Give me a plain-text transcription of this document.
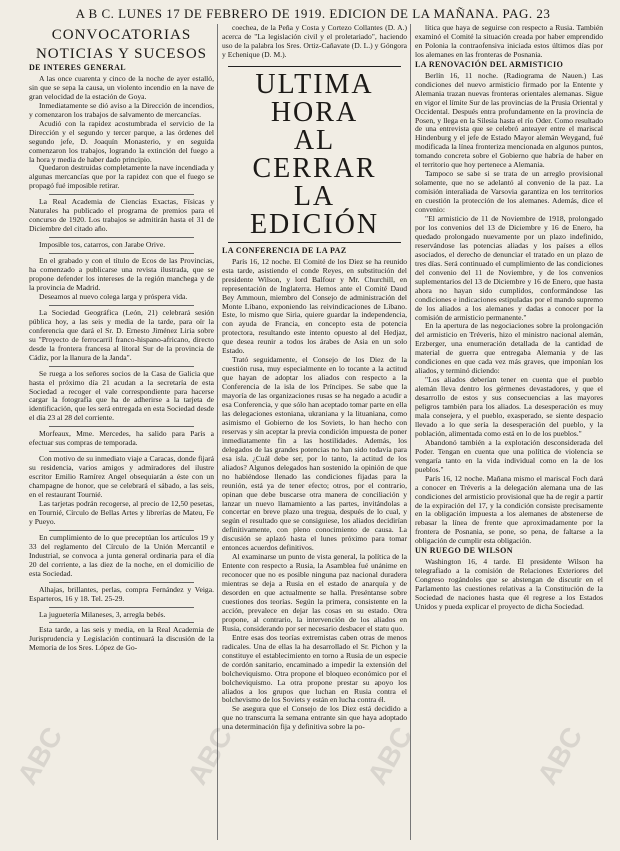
A B C. LUNES 17 DE FEBRERO DE 1919. EDICION DE LA MAÑANA. PAG. 23
CONVOCATORIAS
NOTICIAS Y SUCESOS
DE INTERES GENERAL

A las once cuarenta y cinco de la noche de ayer estalló, sin que se sepa la causa, un violento incendio en la nave de gran velocidad de la estación de Goya.

Inmediatamente se dió aviso a la Dirección de incendios, y comenzaron los trabajos de salvamento de mercancías.

Acudió con la rapidez acostumbrada el servicio de la Dirección y el segundo y tercer parque, a las órdenes del segundo jefe, D. Joaquín Monasterio, y en seguida comenzaron los trabajos, logrando la extinción del fuego a la hora y media de haber dado principio.

Quedaron destruidas completamente la nave incendiada y algunas mercancías que por la rapidez con que el fuego se propagó fué imposible retirar.

La Real Academia de Ciencias Exactas, Físicas y Naturales ha publicado el programa de premios para el concurso de 1920. Los trabajos se admitirán hasta el 31 de Diciembre del citado año.

Imposible tos, catarros, con Jarabe Orive.

En el grabado y con el título de Ecos de las Provincias, ha comenzado a publicarse una revista ilustrada, que se propone defender los intereses de la región manchega y de la provincia de Madrid.

Deseamos al nuevo colega larga y próspera vida.

La Sociedad Geográfica (León, 21) celebrará sesión pública hoy, a las seis y media de la tarde, para oír la conferencia que dará el Sr. D. Ernesto Jiménez Liria sobre su "Proyecto de ferrocarril franco-hispano-africano, directo desde la frontera francesa al litoral Sur de la provincia de Cádiz, por la llanura de la Janda".

Se ruega a los señores socios de la Casa de Galicia que hasta el próximo día 21 acudan a la secretaría de esta Sociedad a recoger el vale correspondiente para hacerse cargar la fotografía que ha de adherirse a la tarjeta de identificación, que les será entregada en esta Sociedad desde el día 23 al 28 del corriente.

Morfeaux, Mme. Mercedes, ha salido para París a efectuar sus compras de temporada.

Con motivo de su inmediato viaje a Caracas, donde fijará su residencia, varios amigos y admiradores del ilustre escritor Emilio Ramírez Angel obsequiarán a éste con un champagne de honor, que se celebrará el sábado, a las seis, en el restaurant Tournié.

Las tarjetas podrán recogerse, al precio de 12,50 pesetas, en Tournié, Círculo de Bellas Artes y librerías de Mateu, Fe y Pueyo.

En cumplimiento de lo que preceptúan los artículos 19 y 33 del reglamento del Círculo de la Unión Mercantil e Industrial, se convoca a junta general ordinaria para el día 20 del corriente, a las diez de la noche, en el domicilio de esta Sociedad.

Alhajas, brillantes, perlas, compra Fernández y Veiga. Esparteros, 16 y 18. Tel. 25-29.

La juguetería Milaneses, 3, arregla bebés.

Esta tarde, a las seis y media, en la Real Academia de Jurisprudencia y Legislación continuará la discusión de la Memoria de los Sres. López de Go-

coechea, de la Peña y Costa y Cortezo Collantes (D. A.) acerca de "La legislación civil y el proletariado", haciendo uso de la palabra los Sres. Ortiz-Cañavate (D. L.) y Góngora y Echenique (D. M.).

ULTIMA HORA
AL CERRAR
LA EDICIÓN
LA CONFERENCIA DE LA PAZ

París 16, 12 noche. El Comité de los Diez se ha reunido esta tarde, asistiendo el conde Reyes, en substitución del presidente Wilson, y lord Balfour y Mr. Churchill, en representación de Inglaterra. Hemos ante el Comité Daud Bey Ammoun, miembro del Consejo de administración del Monte Líbano, exponiendo las reivindicaciones de Líbano. Este, lo mismo que Siria, quiere guardar la independencia, con ayuda de Francia, en concepto esta de potencia protectora, resultando este intento opuesto al del Hedjaz, que desea reunir a todos los árabes de Asia en un solo Estado.

Trató seguidamente, el Consejo de los Diez de la cuestión rusa, muy especialmente en lo tocante a la actitud que hayan de adoptar los aliados con respecto a la Conferencia de la isla de los Príncipes. Se sabe que la mayoría de las organizaciones rusas se ha negado a acudir a esa Conferencia, y que sólo han aceptado tomar parte en ella las delegaciones estoniana, ukraniana y la lituaniana, como asimismo el Gobierno de los Soviets, lo han hecho con reservas y sin aceptar la previa condición impuesta de poner inmediatamente fin a las hostilidades. Además, los delegados de las grandes potencias no han sido todavía para esa isla. ¿Cuál debe ser, por lo tanto, la actitud de los aliados? Algunos delegados han sostenido la opinión de que no habiéndose llenado las condiciones fijadas para la reunión, está ya de tener efecto; otros, por el contrario, opinan que debe buscarse otra manera de conciliación y lanzar un nuevo llamamiento a las partes, invitándolas a concertar en breve plazo una tregua, después de lo cual, y según el resultado que se consiguiese, los aliados decidirían definitivamente, con pleno conocimiento de causa. La discusión se aplazó hasta el lunes próximo para tomar entonces acuerdos definitivos.

Al examinarse un punto de vista general, la política de la Entente con respecto a Rusia, la Asamblea fué unánime en reconocer que no es posible ninguna paz nacional duradera mientras se deja a Rusia en el estado de anarquía y de desorden en que actualmente se halla. Preséntanse sobre cuestiones dos teorías. Según la primera, consistente en la acción, prevalece en dejar las cosas en su estado. Otra propone, al contrario, la intervención de los aliados en Rusia, considerando por ser necesario desbacer el statu quo.

Entre esas dos teorías extremistas caben otras de menos radicales. Una de ellas la ha desarrollado el Sr. Pichon y la constituye el establecimiento en torno a Rusia de un especie de cordón sanitario, encaminado a impedir la extensión del bolcheviquismo. Otra propone el bloqueo económico por el bolcheviquismo. La otra propone prestar su apoyo los aliados a los grupos que luchan en Rusia contra el bolchevismo de los Soviets y están en lucha contra él.

Se asegura que el Consejo de los Diez está decidido a que no transcurra la semana entrante sin que haya adoptado una determinación fija y definitiva sobre la po-

lítica que haya de seguirse con respecto a Rusia. También examinó el Comité la situación creada por haber emprendido en Polonia la contraofensiva iniciada estos últimos días por los alemanes en las fronteras de Posnania.

LA RENOVACIÓN DEL ARMISTICIO

Berlín 16, 11 noche. (Radiograma de Nauen.) Las condiciones del nuevo armisticio firmado por la Entente y Alemania trazan nuevas fronteras orientales alemanas. Sigue en vigor el límite Sur de las provincias de la Prusia Oriental y Occidental. Después entra profundamente en la provincia de Posen, y llega en la Silesia hasta el río Oder. Como resultado de una entrevista que se celebró anteayer entre el mariscal Hindenburg y el jefe de Estado Mayor alemán Weygand, fué modificada la línea fronteriza mencionada en algunos puntos, tomando concreta sobre el Gobierno que habría de haber en el territorio que hoy pertenece a Alemania.

Tampoco se sabe si se trata de un arreglo provisional solamente, que no se adelantó al convenio de la paz. La comisión interaliada de Varsovia garantiza en los territorios en cuestión la protección de los alemanes. Además, dice el convenio:

"El armisticio de 11 de Noviembre de 1918, prolongado por los convenios del 13 de Diciembre y 16 de Enero, ha quedado prolongado nuevamente por un plazo indefinido, reservándose las potencias aliadas y los países a ellos asociados, el derecho de denunciar el tratado en un plazo de tres días. Será continuado el cumplimiento de las condiciones del convenio del 11 de Noviembre, y de los convenios suplementarios del 13 de Diciembre y 16 de Enero, que hasta ahora no hayan sido cumplidos, conformándose las condiciones e indicaciones estipuladas por el mando supremo de los aliados a los alemanes y dadas a conocer por la comisión de armisticio permanente."

En la apertura de las negociaciones sobre la prolongación del armisticio en Tréveris, hizo el ministro nacional alemán, Erzberger, una enumeración detallada de la cantidad de material de guerra que entregaba Alemania y de las condiciones en que cada vez más graves, que imponían los aliados, y terminó diciendo:

"Los aliados deberían tener en cuenta que el pueblo alemán lleva dentro los gérmenes devastadores, y que el desarrollo de estos y sus consecuencias a las mayores peligros también para los aliados. La desesperación es muy mala consejera, y el pueblo, exasperado, se siente despacio llevado a lo que sería la desesperación del pueblo, y la población, alimentada como está en lo de los pueblos."

Abandonó también a la explotación desconsiderada del Poder. Tengan en cuenta que una política de violencia se vengaría tanto en la vida individual como en la de los pueblos."

París 16, 12 noche. Mañana mismo el mariscal Foch dará a conocer en Tréveris a la delegación alemana una de las condiciones del armisticio provisional que ha de regir a partir de la expiración del 17, y la condición consiste precisamente en la obligación impuesta a los alemanes de abstenerse de rebasar la línea de frente que aproximadamente por la frontera de Posnania, se pone, so pena, de faltarse a la obligación de cumplir esta obligación.

UN RUEGO DE WILSON

Washington 16, 4 tarde. El presidente Wilson ha telegrafiado a la comisión de Relaciones Exteriores del Congreso rogándoles que se abstengan de discutir en el Parlamento las cuestiones relativas a la Constitución de la Sociedad de naciones hasta que él regrese a los Estados Unidos y pueda explicar el proyecto de dicha Sociedad.

ABC	ABC	ABC	ABC
